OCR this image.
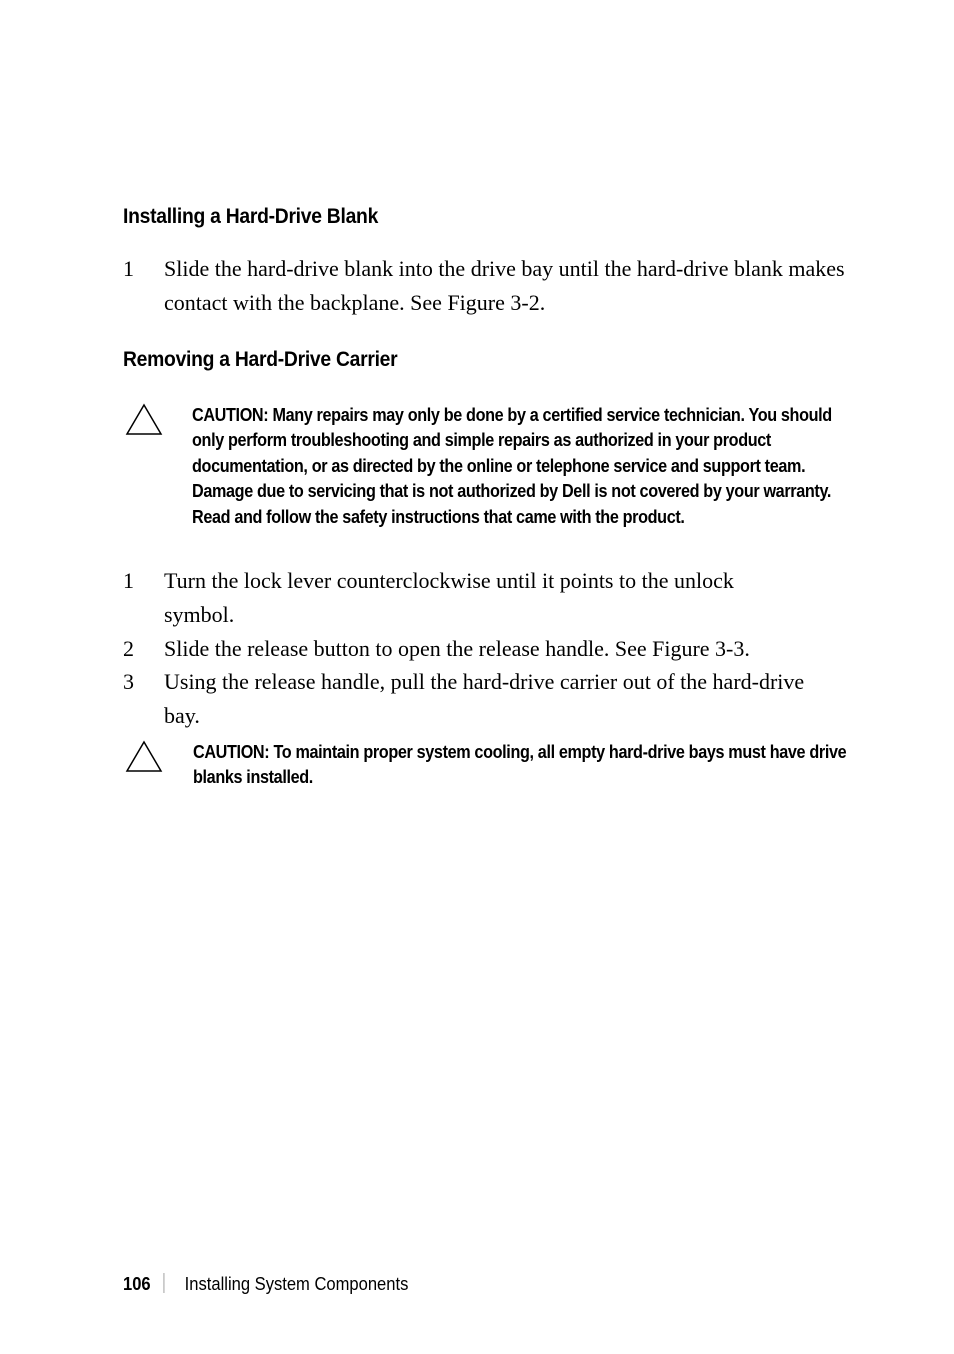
Installing a Hard-Drive Blank
1 Slide the hard-drive blank into the drive bay until the hard-drive blank makes contact with the backplane. See Figure 3-2.
Removing a Hard-Drive Carrier
CAUTION: Many repairs may only be done by a certified service technician. You should only perform troubleshooting and simple repairs as authorized in your product documentation, or as directed by the online or telephone service and support team. Damage due to servicing that is not authorized by Dell is not covered by your warranty. Read and follow the safety instructions that came with the product.
1 Turn the lock lever counterclockwise until it points to the unlock symbol.
2 Slide the release button to open the release handle. See Figure 3-3.
3 Using the release handle, pull the hard-drive carrier out of the hard-drive bay.
CAUTION: To maintain proper system cooling, all empty hard-drive bays must have drive blanks installed.
106 Installing System Components
